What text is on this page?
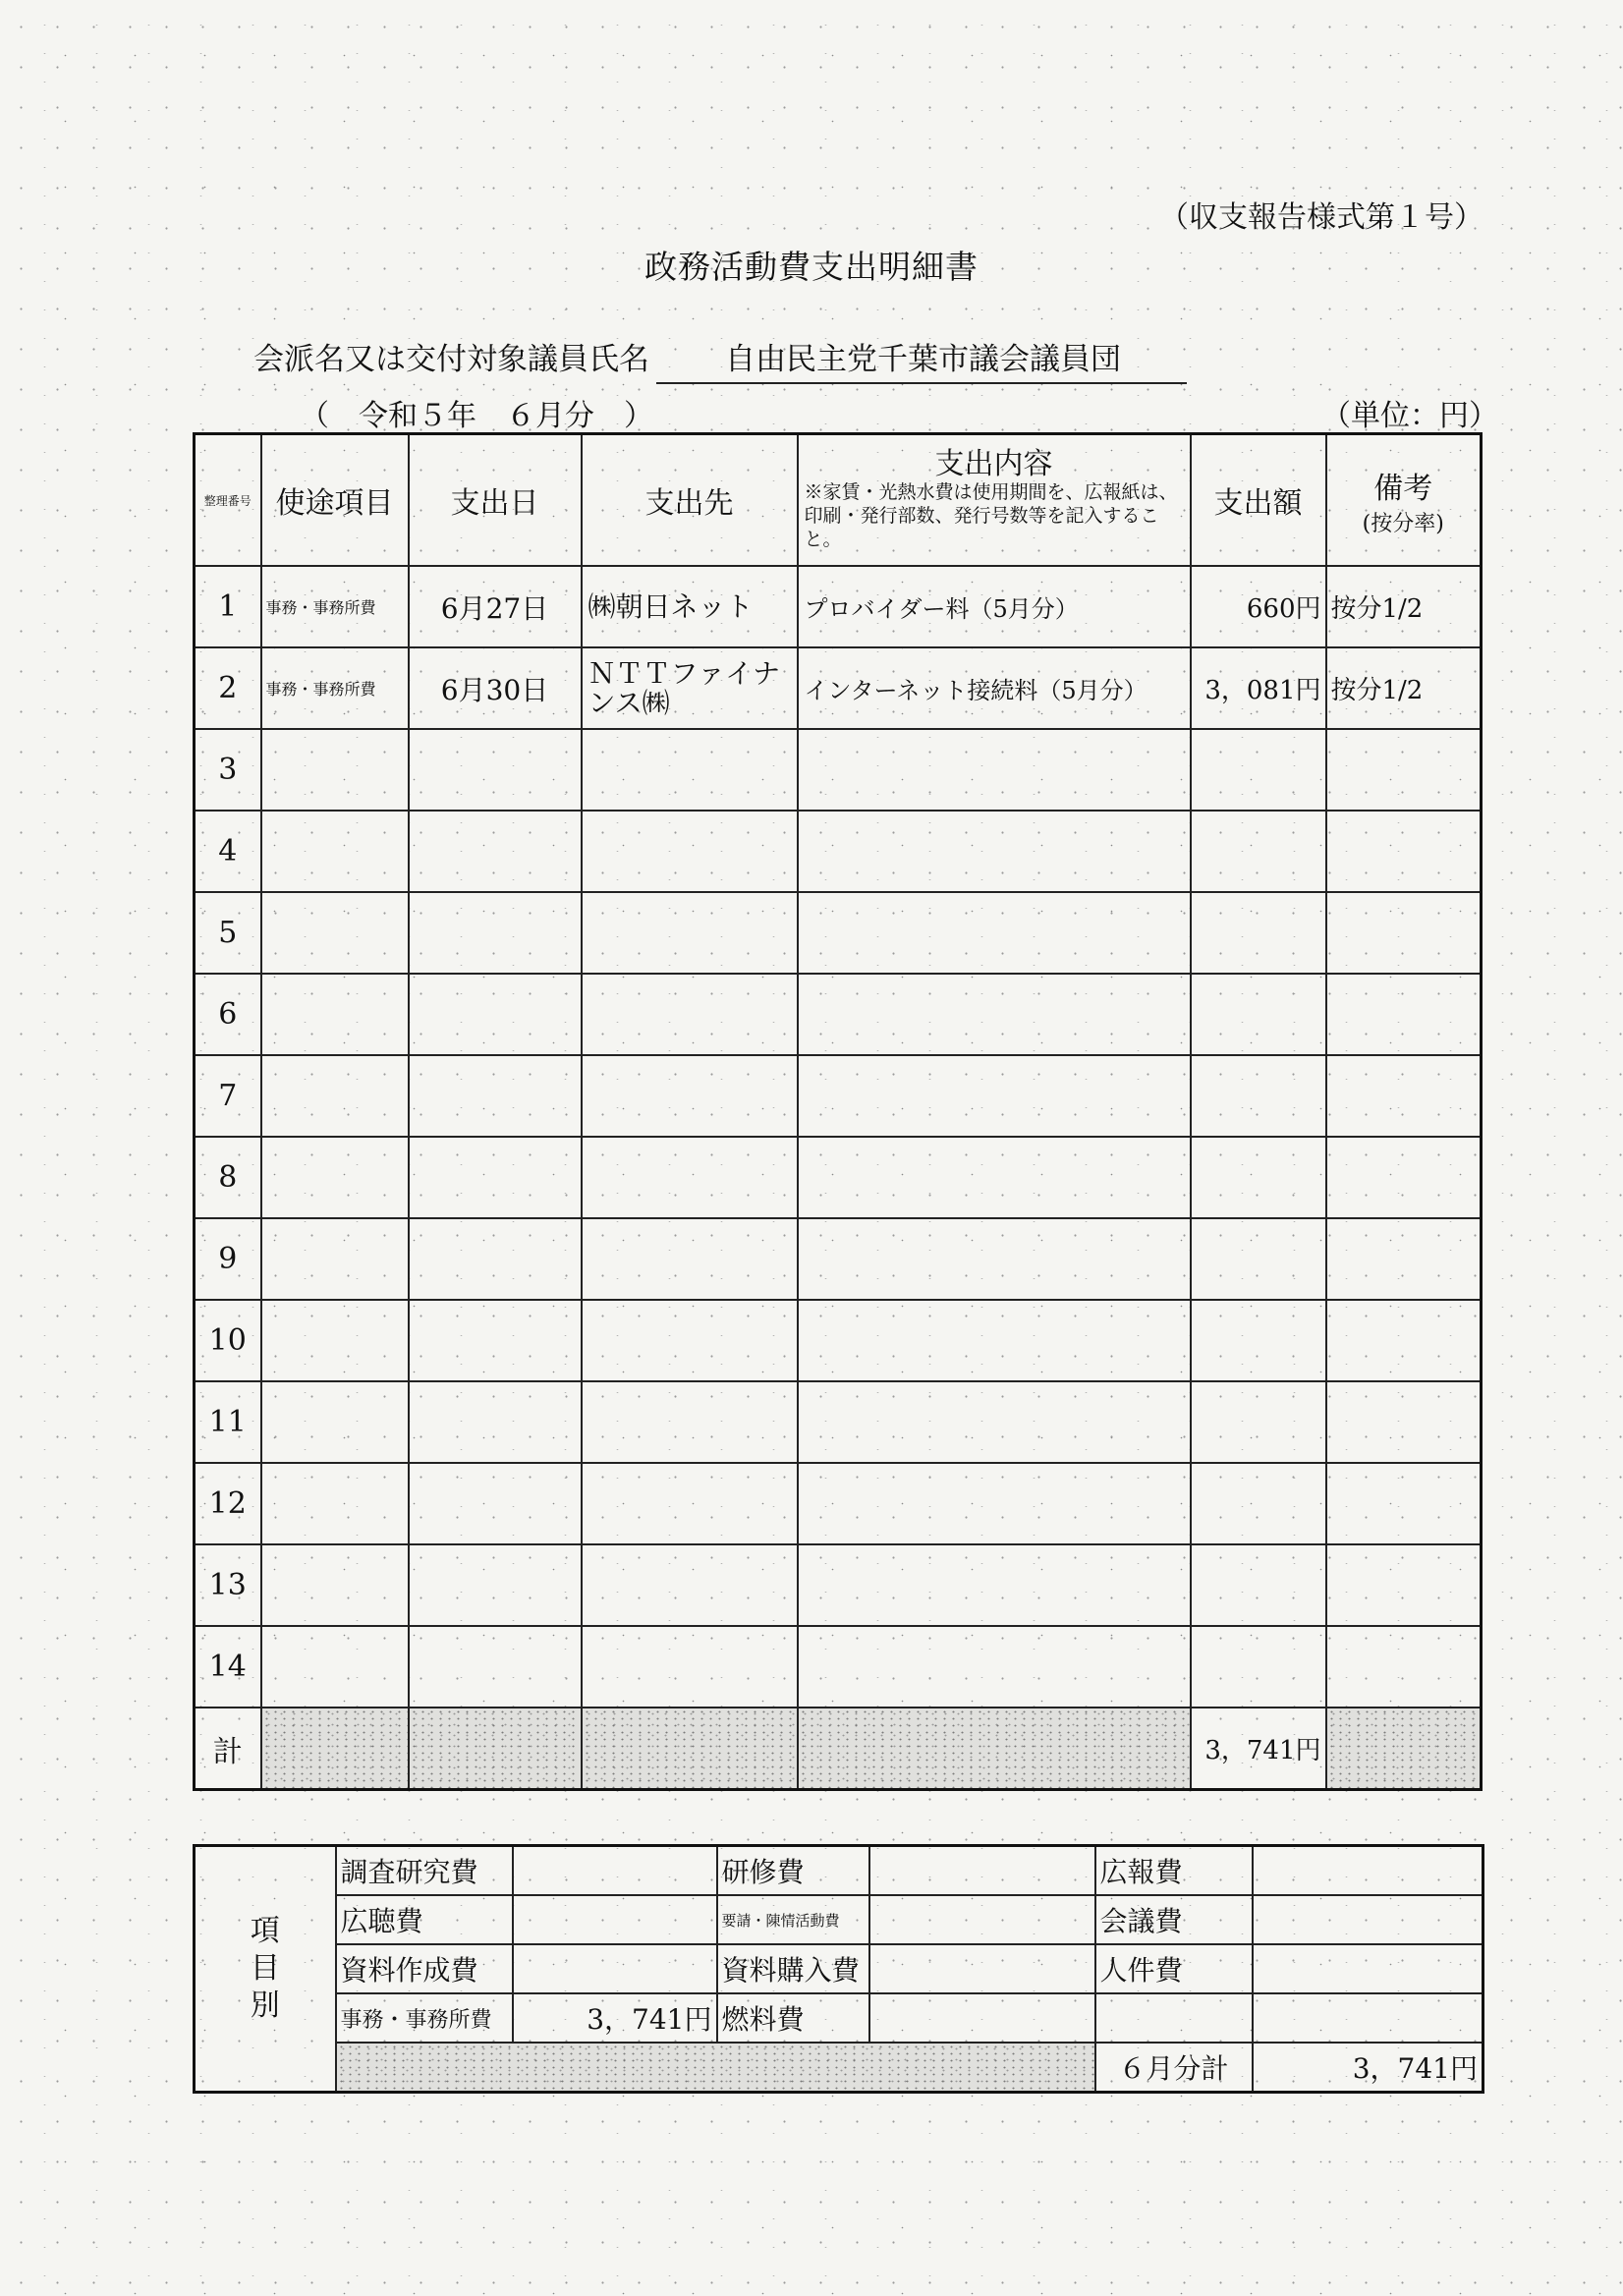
（収支報告様式第１号）
政務活動費支出明細書
会派名又は交付対象議員氏名	自由民主党千葉市議会議員団
（　令和５年　６月分　）	（単位：円）
整理番号	使途項目	支出日	支出先	支出内容
※家賃・光熱水費は使用期間を、広報紙は、印刷・発行部数、発行号数等を記入すること。	支出額	備考
(按分率)

1	事務・事務所費	6月27日	㈱朝日ネット	プロバイダー料（5月分）	660円	按分1/2
2	事務・事務所費	6月30日	ＮＴＴファイナンス㈱	インターネット接続料（5月分）	3，081円	按分1/2
3						
4						
5						
6						
7						
8						
9						
10						
11						
12						
13						
14						
計					3，741円	
項
目
別	調査研究費		研修費		広報費	
	広聴費		要請・陳情活動費		会議費	
	資料作成費		資料購入費		人件費	
	事務・事務所費	3，741円	燃料費			
					６月分計	3，741円
